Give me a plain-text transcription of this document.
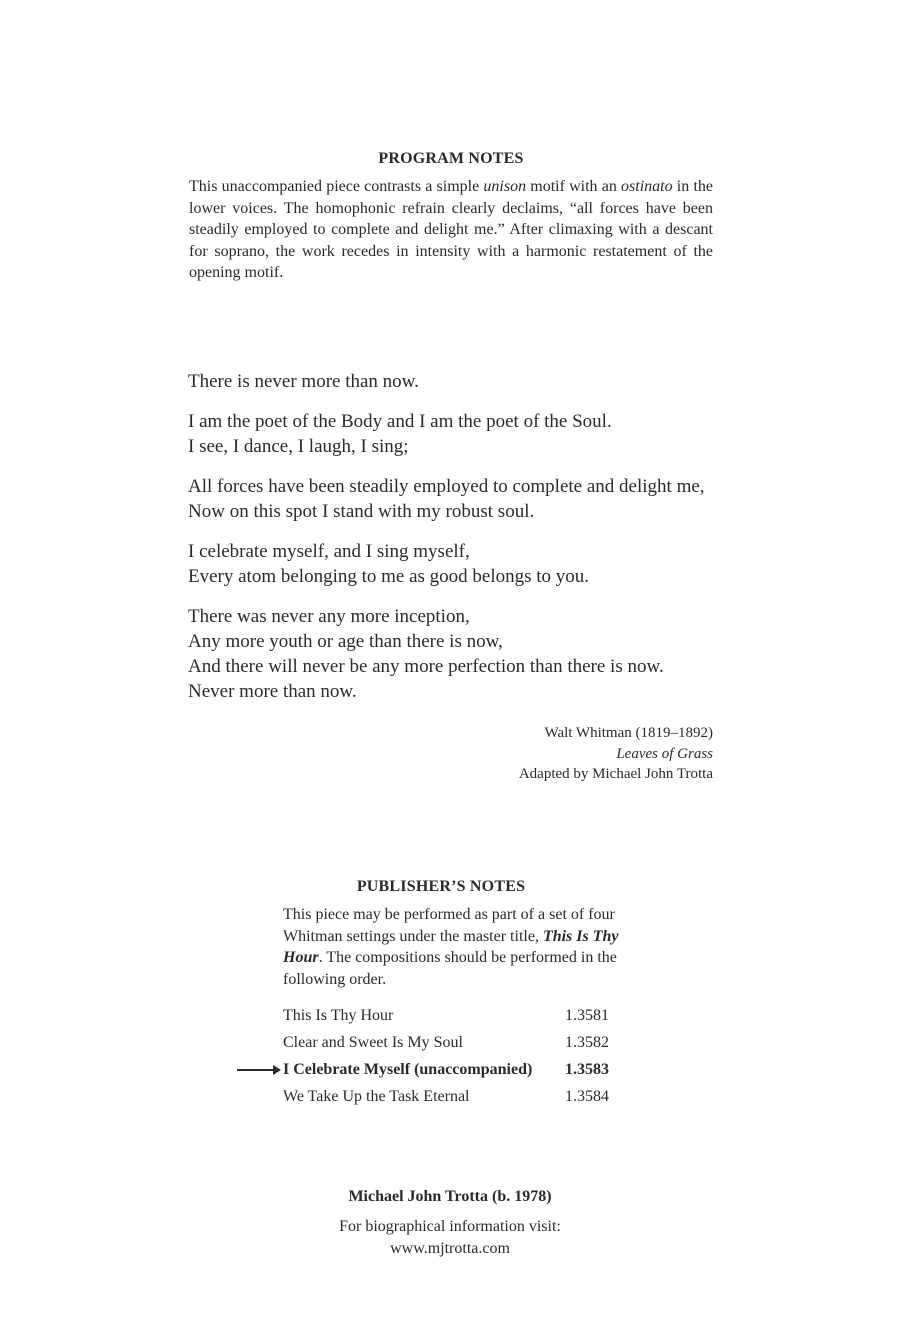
PROGRAM NOTES

This unaccompanied piece contrasts a simple unison motif with an ostinato in the lower voices. The homophonic refrain clearly declaims, “all forces have been steadily employed to complete and delight me.” After climaxing with a descant for soprano, the work recedes in intensity with a harmonic restatement of the opening motif.

There is never more than now.
I am the poet of the Body and I am the poet of the Soul.
I see, I dance, I laugh, I sing;
All forces have been steadily employed to complete and delight me,
Now on this spot I stand with my robust soul.
I celebrate myself, and I sing myself,
Every atom belonging to me as good belongs to you.
There was never any more inception,
Any more youth or age than there is now,
And there will never be any more perfection than there is now.
Never more than now.
Walt Whitman (1819–1892)
Leaves of Grass
Adapted by Michael John Trotta
PUBLISHER’S NOTES

This piece may be performed as part of a set of four Whitman settings under the master title, This Is Thy Hour. The compositions should be performed in the following order.

This Is Thy Hour	1.3581
Clear and Sweet Is My Soul	1.3582
I Celebrate Myself (unaccompanied) 1.3583
We Take Up the Task Eternal	1.3584
Michael John Trotta (b. 1978)
For biographical information visit:
www.mjtrotta.com
